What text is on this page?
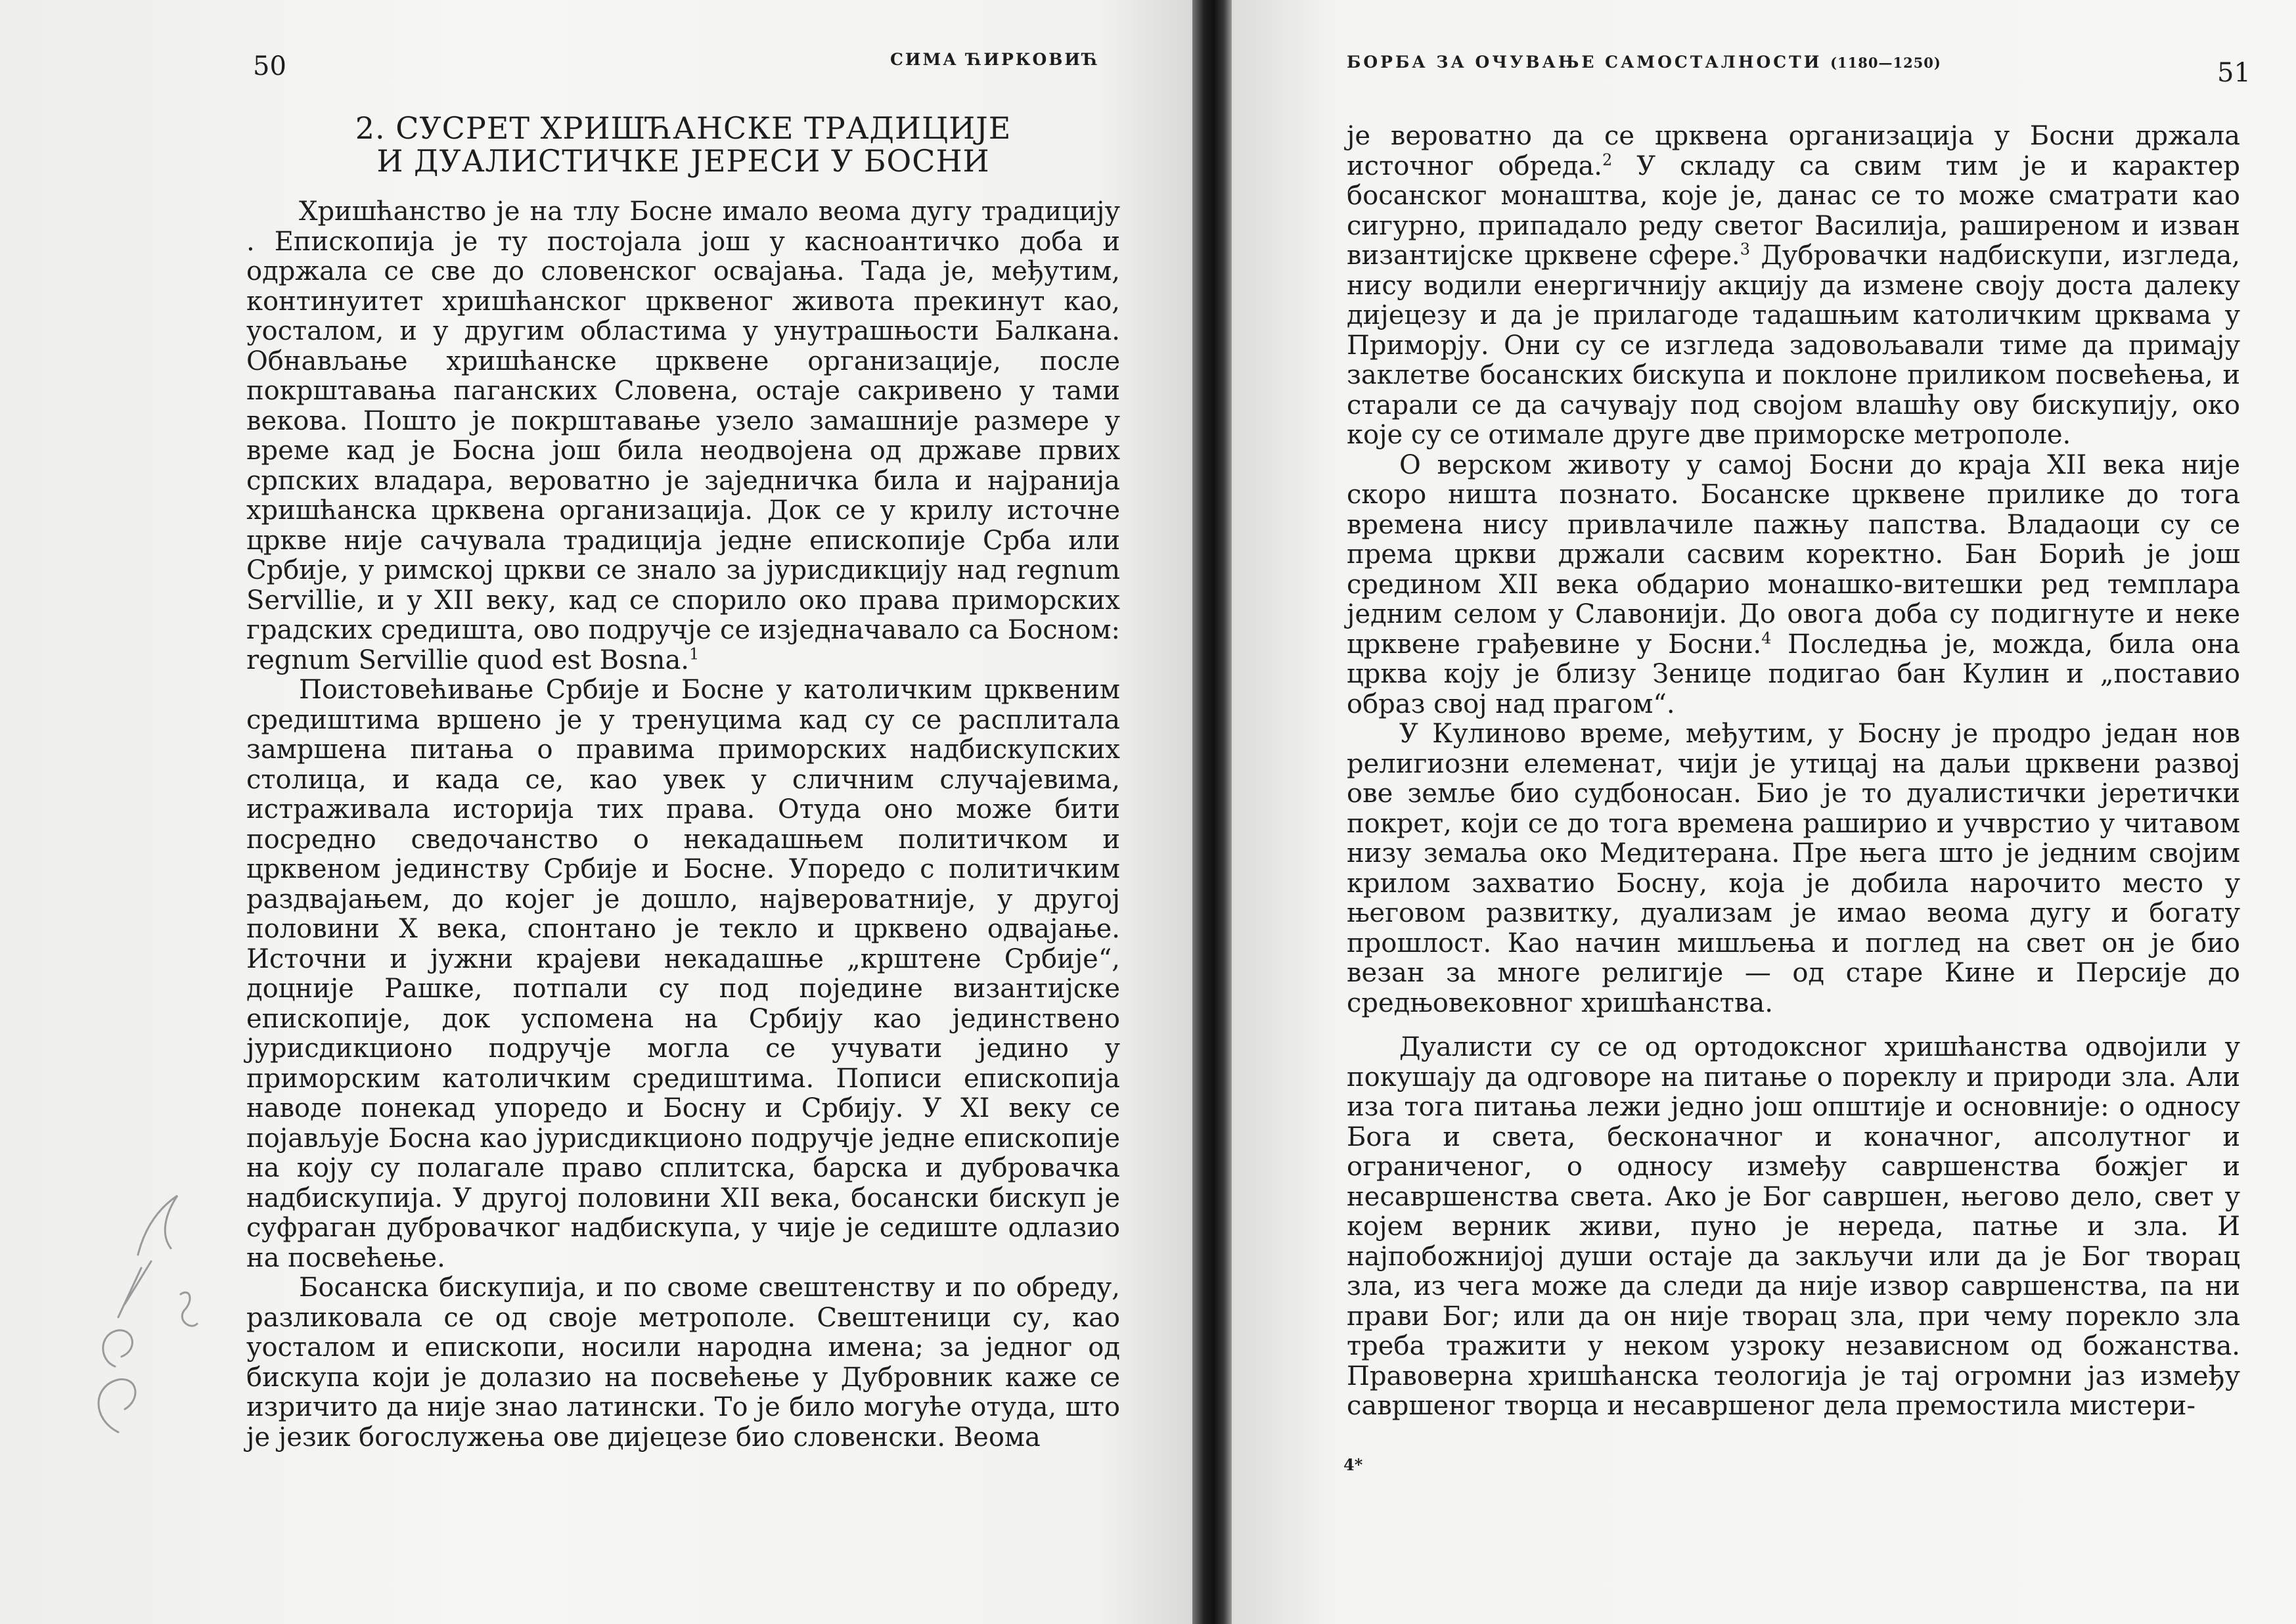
50	СИМА ЋИРКОВИЋ
2. СУСРЕТ ХРИШЋАНСКЕ ТРАДИЦИЈЕ
И ДУАЛИСТИЧКЕ ЈЕРЕСИ У БОСНИ

Хришћанство је на тлу Босне имало веома дугу традицију . Епископија је ту постојала још у касноантичко доба и одржала се све до словенског освајања. Тада је, међутим, континуитет хришћанског црквеног живота прекинут као, уосталом, и у другим областима у унутрашњости Балкана. Обнављање хришћанске црквене организације, после покрштавања паганских Словена, остаје сакривено у тами векова. Пошто је покрштавање узело замашније размере у време кад је Босна још била неодвојена од државе првих српских владара, вероватно је заједничка била и најранија хришћанска црквена организација. Док се у крилу источне цркве није сачувала традиција једне епископије Срба или Србије, у римској цркви се знало за јурисдикцију над regnum Servillie, и у XII веку, кад се спорило око права приморских градских средишта, ово подручје се изједначавало са Босном: regnum Servillie quod est Bosna.$^1$

Поистовећивање Србије и Босне у католичким црквеним средиштима вршено је у тренуцима кад су се расплитала замршена питања о правима приморских надбискупских столица, и када се, као увек у сличним случајевима, истраживала историја тих права. Отуда оно може бити посредно сведочанство о некадашњем политичком и црквеном јединству Србије и Босне. Упоредо с политичким раздвајањем, до којег је дошло, највероватније, у другој половини X века, спонтано је текло и црквено одвајање. Источни и јужни крајеви некадашње „крштене Србије“, доцније Рашке, потпали су под поједине византијске епископије, док успомена на Србију као јединствено јурисдикционо подручје могла се учувати једино у приморским католичким средиштима. Пописи епископија наводе понекад упоредо и Босну и Србију. У XI веку се појављује Босна као јурисдикционо подручје једне епископије на коју су полагале право сплитска, барска и дубровачка надбискупија. У другој половини XII века, босански бискуп је суфраган дубровачког надбискупа, у чије је седиште одлазио на посвећење.

Босанска бискупија, и по своме свештенству и по обреду, разликовала се од своје метрополе. Свештеници су, као уосталом и епископи, носили народна имена; за једног од бискупа који је долазио на посвећење у Дубровник каже се изричито да није знао латински. То је било могуће отуда, што је језик богослужења ове дијецезе био словенски. Веома

БОРБА ЗА ОЧУВАЊЕ САМОСТАЛНОСТИ (1180—1250)	51

је вероватно да се црквена организација у Босни држала источног обреда.$^2$ У складу са свим тим је и карактер босанског монаштва, које је, данас се то може сматрати као сигурно, припадало реду светог Василија, раширеном и изван византијске црквене сфере.$^3$ Дубровачки надбискупи, изгледа, нису водили енергичнију акцију да измене своју доста далеку дијецезу и да је прилагоде тадашњим католичким црквама у Приморју. Они су се изгледа задовољавали тиме да примају заклетве босанских бискупа и поклоне приликом посвећења, и старали се да сачувају под својом влашћу ову бискупију, око које су се отимале друге две приморске метрополе.

О верском животу у самој Босни до краја XII века није скоро ништа познато. Босанске црквене прилике до тога времена нису привлачиле пажњу папства. Владаоци су се према цркви држали сасвим коректно. Бан Борић је још средином XII века обдарио монашко-витешки ред темплара једним селом у Славонији. До овога доба су подигнуте и неке црквене грађевине у Босни.$^4$ Последња је, можда, била она црква коју је близу Зенице подигао бан Кулин и „поставио образ свој над прагом“.

У Кулиново време, међутим, у Босну је продро један нов религиозни елеменат, чији је утицај на даљи црквени развој ове земље био судбоносан. Био је то дуалистички јеретички покрет, који се до тога времена раширио и учврстио у читавом низу земаља око Медитерана. Пре њега што је једним својим крилом захватио Босну, која је добила нарочито место у његовом развитку, дуализам је имао веома дугу и богату прошлост. Као начин мишљења и поглед на свет он је био везан за многе религије — од старе Кине и Персије до средњовековног хришћанства.

Дуалисти су се од ортодоксног хришћанства одвојили у покушају да одговоре на питање о пореклу и природи зла. Али иза тога питања лежи једно још општије и основније: о односу Бога и света, бесконачног и коначног, апсолутног и ограниченог, о односу између савршенства божјег и несавршенства света. Ако је Бог савршен, његово дело, свет у којем верник живи, пуно је нереда, патње и зла. И најпобожнијој души остаје да закључи или да је Бог творац зла, из чега може да следи да није извор савршенства, па ни прави Бог; или да он није творац зла, при чему порекло зла треба тражити у неком узроку независном од божанства. Правоверна хришћанска теологија је тај огромни јаз између савршеног творца и несавршеног дела премостила мистери-

4*
